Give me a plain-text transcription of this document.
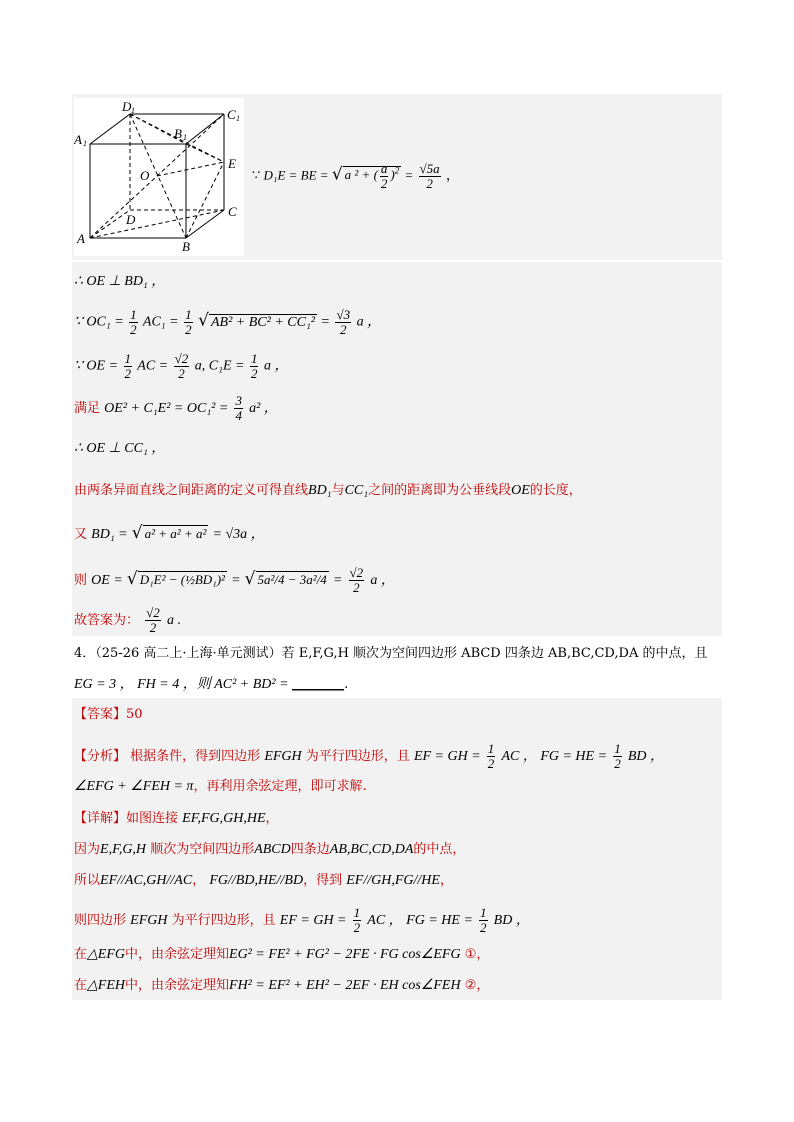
D 1	C 1
A 1
B 1
O
E
D
C
A
B
∵ D₁E = BE = √ a ² + ( $\frac{a}{2} )^2 = \frac{√5a}{2}$ ，
∴ OE ⊥ BD₁ ，
∵ $OC_1 = \frac{1}{2} AC_1 = \frac{1}{2}$ √ $AB^2 + BC^2 + CC_1^2 = \frac{√3}{2}$ a ，
∵ OE = $\frac{1}{2}$ AC = $\frac{√2}{2} a$, $C_1E = \frac{1}{2}$ a ，
满足 $OE^2 + C_1E^2 = OC_1^2 = \frac{3}{4} a^2$ ，
∴ OE ⊥ CC₁ ，
由两条异面直线之间距离的定义可得直线BD₁与CC₁之间的距离即为公垂线段OE的长度，
又 BD₁ = √ a² + a² + a² = √3a ，
则 OE = √ D₁E² − (½BD₁)² = √ $5a^2/4 - 3a^2/4 = \frac{√2}{2}$ a ，
故答案为： $\frac{√2}{2}$ a .
4．（25-26 高二上·上海·单元测试）若 E,F,G,H 顺次为空间四边形 ABCD 四条边 AB,BC,CD,DA 的中点，且
EG = 3 ， FH = 4 ，则 AC² + BD² = ________.
【答案】50
【分析】 根据条件，得到四边形 EFGH 为平行四边形，且 EF = GH = $\frac{1}{2}$ AC ， FG = HE = $\frac{1}{2}$ BD ，
∠EFG + ∠FEH = π，再利用余弦定理，即可求解.
【详解】如图连接 EF,FG,GH,HE，
因为E,F,G,H 顺次为空间四边形ABCD四条边AB,BC,CD,DA的中点，
所以EF//AC,GH//AC， FG//BD,HE//BD，得到 EF//GH,FG//HE，
则四边形 EFGH 为平行四边形，且 EF = GH = $\frac{1}{2}$ AC ， FG = HE = $\frac{1}{2}$ BD ，
在△EFG中，由余弦定理知EG² = FE² + FG² − 2FE · FG cos∠EFG ①，
在△FEH中，由余弦定理知FH² = EF² + EH² − 2EF · EH cos∠FEH ②，
